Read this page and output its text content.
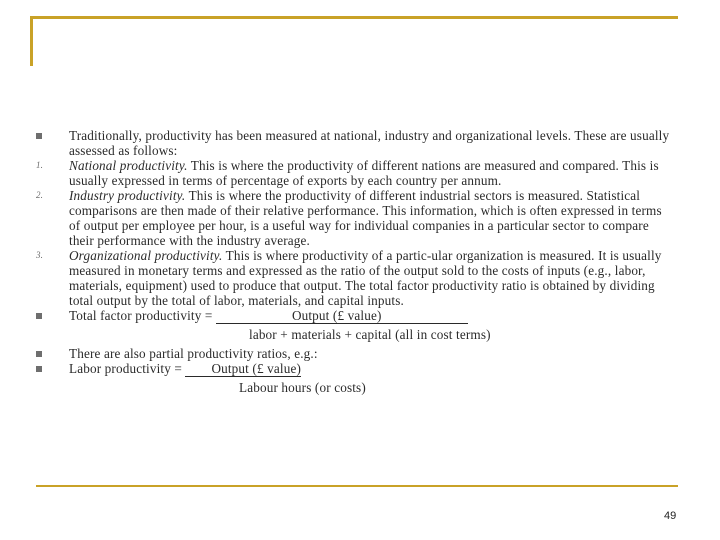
Traditionally, productivity has been measured at national, industry and organizational levels. These are usually assessed as follows:
1. National productivity. This is where the productivity of different nations are measured and compared. This is usually expressed in terms of percentage of exports by each country per annum.
2. Industry productivity. This is where the productivity of different industrial sectors is measured. Statistical comparisons are then made of their relative performance. This information, which is often expressed in terms of output per employee per hour, is a useful way for individual companies in a particular sector to compare their performance with the industry average.
3. Organizational productivity. This is where productivity of a partic-ular organization is measured. It is usually measured in monetary terms and expressed as the ratio of the output sold to the costs of inputs (e.g., labor, materials, equipment) used to produce that output. The total factor productivity ratio is obtained by dividing total output by the total of labor, materials, and capital inputs.
Total factor productivity =	Output (£ value)
labor + materials + capital (all in cost terms)
There are also partial productivity ratios, e.g.:
Labor productivity = Output (£ value)
Labour hours (or costs)
49
